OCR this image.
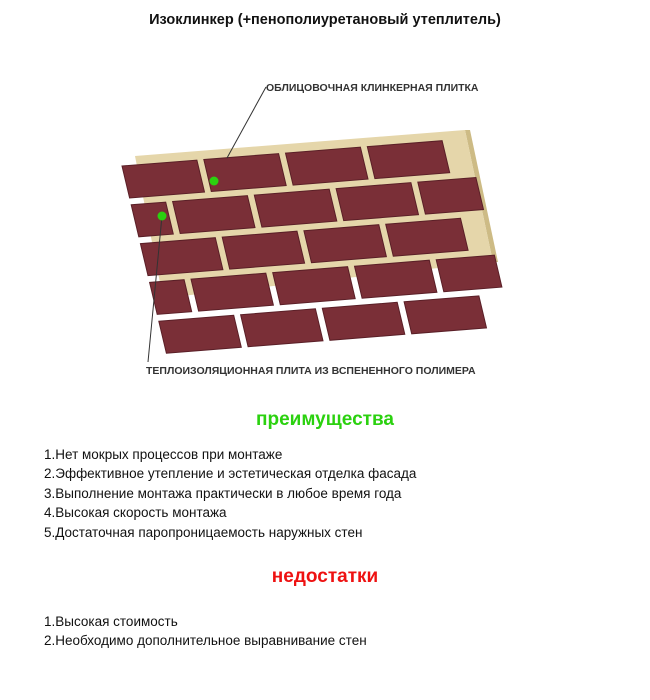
Изоклинкер (+пенополиуретановый утеплитель)
ОБЛИЦОВОЧНАЯ КЛИНКЕРНАЯ ПЛИТКА
ТЕПЛОИЗОЛЯЦИОННАЯ ПЛИТА ИЗ ВСПЕНЕННОГО ПОЛИМЕРА
преимущества
1.Нет мокрых процессов при монтаже
2.Эффективное утепление и эстетическая отделка фасада
3.Выполнение монтажа практически в любое время года
4.Высокая скорость монтажа
5.Достаточная паропроницаемость наружных стен
недостатки
1.Высокая стоимость
2.Необходимо дополнительное выравнивание стен
